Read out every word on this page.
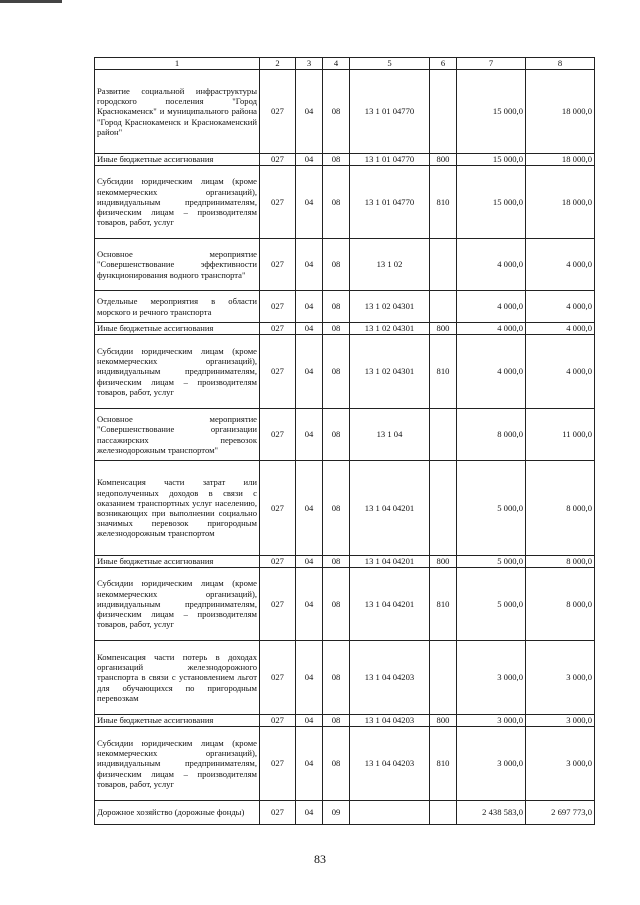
1	2	3	4	5	6	7	8
Развитие социальной инфраструктуры городского поселения "Город Краснокаменск" и муниципального района "Город Краснокаменск и Краснокаменский район"	027	04	08	13 1 01 04770		15 000,0	18 000,0
Иные бюджетные ассигнования	027	04	08	13 1 01 04770	800	15 000,0	18 000,0
Субсидии юридическим лицам (кроме некоммерческих организаций), индивидуальным предпринимателям, физическим лицам – производителям товаров, работ, услуг	027	04	08	13 1 01 04770	810	15 000,0	18 000,0
Основное мероприятие "Совершенствование эффективности функционирования водного транспорта"	027	04	08	13 1 02		4 000,0	4 000,0
Отдельные мероприятия в области морского и речного транспорта	027	04	08	13 1 02 04301		4 000,0	4 000,0
Иные бюджетные ассигнования	027	04	08	13 1 02 04301	800	4 000,0	4 000,0
Субсидии юридическим лицам (кроме некоммерческих организаций), индивидуальным предпринимателям, физическим лицам – производителям товаров, работ, услуг	027	04	08	13 1 02 04301	810	4 000,0	4 000,0
Основное мероприятие "Совершенствование организации пассажирских перевозок железнодорожным транспортом"	027	04	08	13 1 04		8 000,0	11 000,0
Компенсация части затрат или недополученных доходов в связи с оказанием транспортных услуг населению, возникающих при выполнении социально значимых перевозок пригородным железнодорожным транспортом	027	04	08	13 1 04 04201		5 000,0	8 000,0
Иные бюджетные ассигнования	027	04	08	13 1 04 04201	800	5 000,0	8 000,0
Субсидии юридическим лицам (кроме некоммерческих организаций), индивидуальным предпринимателям, физическим лицам – производителям товаров, работ, услуг	027	04	08	13 1 04 04201	810	5 000,0	8 000,0
Компенсация части потерь в доходах организаций железнодорожного транспорта в связи с установлением льгот для обучающихся по пригородным перевозкам	027	04	08	13 1 04 04203		3 000,0	3 000,0
Иные бюджетные ассигнования	027	04	08	13 1 04 04203	800	3 000,0	3 000,0
Субсидии юридическим лицам (кроме некоммерческих организаций), индивидуальным предпринимателям, физическим лицам – производителям товаров, работ, услуг	027	04	08	13 1 04 04203	810	3 000,0	3 000,0
Дорожное хозяйство (дорожные фонды)	027	04	09			2 438 583,0	2 697 773,0
83
